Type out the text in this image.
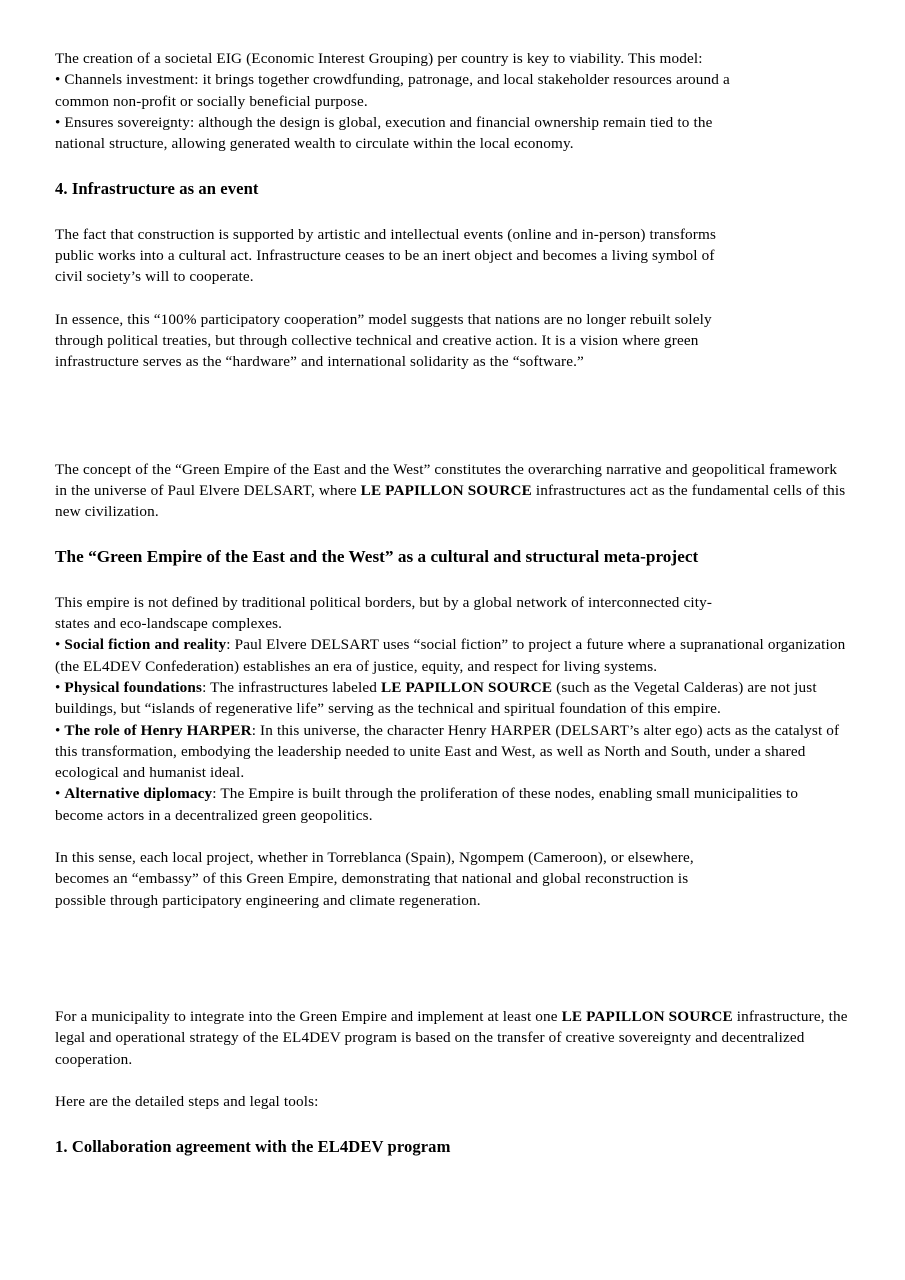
The creation of a societal EIG (Economic Interest Grouping) per country is key to viability. This model:
• Channels investment: it brings together crowdfunding, patronage, and local stakeholder resources around a
common non-profit or socially beneficial purpose.
• Ensures sovereignty: although the design is global, execution and financial ownership remain tied to the
national structure, allowing generated wealth to circulate within the local economy.

4. Infrastructure as an event

The fact that construction is supported by artistic and intellectual events (online and in-person) transforms
public works into a cultural act. Infrastructure ceases to be an inert object and becomes a living symbol of
civil society’s will to cooperate.

In essence, this “100% participatory cooperation” model suggests that nations are no longer rebuilt solely
through political treaties, but through collective technical and creative action. It is a vision where green
infrastructure serves as the “hardware” and international solidarity as the “software.”

The concept of the “Green Empire of the East and the West” constitutes the overarching narrative and geopolitical framework in the universe of Paul Elvere DELSART, where LE PAPILLON SOURCE infrastructures act as the fundamental cells of this new civilization.

The “Green Empire of the East and the West” as a cultural and structural meta-project

This empire is not defined by traditional political borders, but by a global network of interconnected city-
states and eco-landscape complexes.

• Social fiction and reality: Paul Elvere DELSART uses “social fiction” to project a future where a supranational organization (the EL4DEV Confederation) establishes an era of justice, equity, and respect for living systems.

• Physical foundations: The infrastructures labeled LE PAPILLON SOURCE (such as the Vegetal Calderas) are not just buildings, but “islands of regenerative life” serving as the technical and spiritual foundation of this empire.

• The role of Henry HARPER: In this universe, the character Henry HARPER (DELSART’s alter ego) acts as the catalyst of this transformation, embodying the leadership needed to unite East and West, as well as North and South, under a shared ecological and humanist ideal.

• Alternative diplomacy: The Empire is built through the proliferation of these nodes, enabling small municipalities to become actors in a decentralized green geopolitics.

In this sense, each local project, whether in Torreblanca (Spain), Ngompem (Cameroon), or elsewhere,
becomes an “embassy” of this Green Empire, demonstrating that national and global reconstruction is
possible through participatory engineering and climate regeneration.

For a municipality to integrate into the Green Empire and implement at least one LE PAPILLON SOURCE infrastructure, the legal and operational strategy of the EL4DEV program is based on the transfer of creative sovereignty and decentralized cooperation.

Here are the detailed steps and legal tools:

1. Collaboration agreement with the EL4DEV program
